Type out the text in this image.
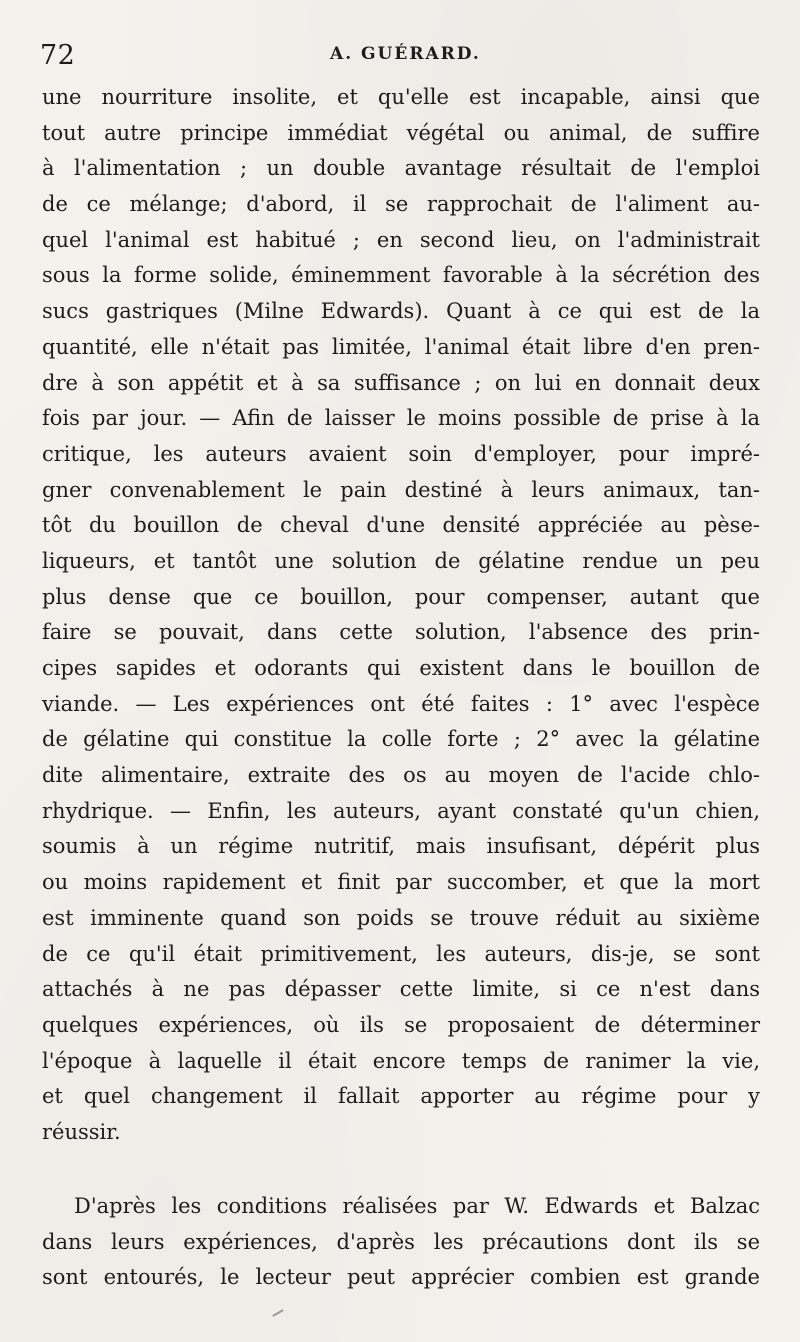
72	A. GUÉRARD.
une nourriture insolite, et qu'elle est incapable, ainsi que
tout autre principe immédiat végétal ou animal, de suffire
à l'alimentation ; un double avantage résultait de l'emploi
de ce mélange; d'abord, il se rapprochait de l'aliment au-
quel l'animal est habitué ; en second lieu, on l'administrait
sous la forme solide, éminemment favorable à la sécrétion des
sucs gastriques (Milne Edwards). Quant à ce qui est de la
quantité, elle n'était pas limitée, l'animal était libre d'en pren-
dre à son appétit et à sa suffisance ; on lui en donnait deux
fois par jour. — Afin de laisser le moins possible de prise à la
critique, les auteurs avaient soin d'employer, pour impré-
gner convenablement le pain destiné à leurs animaux, tan-
tôt du bouillon de cheval d'une densité appréciée au pèse-
liqueurs, et tantôt une solution de gélatine rendue un peu
plus dense que ce bouillon, pour compenser, autant que
faire se pouvait, dans cette solution, l'absence des prin-
cipes sapides et odorants qui existent dans le bouillon de
viande. — Les expériences ont été faites : 1° avec l'espèce
de gélatine qui constitue la colle forte ; 2° avec la gélatine
dite alimentaire, extraite des os au moyen de l'acide chlo-
rhydrique. — Enfin, les auteurs, ayant constaté qu'un chien,
soumis à un régime nutritif, mais insufisant, dépérit plus
ou moins rapidement et finit par succomber, et que la mort
est imminente quand son poids se trouve réduit au sixième
de ce qu'il était primitivement, les auteurs, dis-je, se sont
attachés à ne pas dépasser cette limite, si ce n'est dans
quelques expériences, où ils se proposaient de déterminer
l'époque à laquelle il était encore temps de ranimer la vie,
et quel changement il fallait apporter au régime pour y
réussir.
D'après les conditions réalisées par W. Edwards et Balzac
dans leurs expériences, d'après les précautions dont ils se
sont entourés, le lecteur peut apprécier combien est grande
